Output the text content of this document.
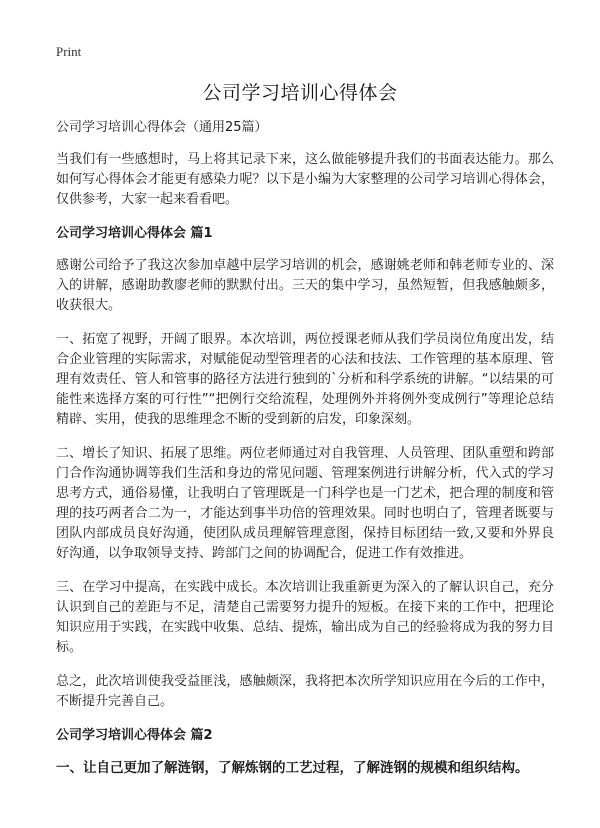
Print
公司学习培训心得体会
公司学习培训心得体会（通用25篇）

当我们有一些感想时，马上将其记录下来，这么做能够提升我们的书面表达能力。那么如何写心得体会才能更有感染力呢？以下是小编为大家整理的公司学习培训心得体会，仅供参考，大家一起来看看吧。

公司学习培训心得体会 篇1

感谢公司给予了我这次参加卓越中层学习培训的机会，感谢姚老师和韩老师专业的、深入的讲解，感谢助教廖老师的默默付出。三天的集中学习，虽然短暂，但我感触颇多，收获很大。

一、拓宽了视野，开阔了眼界。本次培训，两位授课老师从我们学员岗位角度出发，结合企业管理的实际需求，对赋能促动型管理者的心法和技法、工作管理的基本原理、管理有效责任、管人和管事的路径方法进行独到的`分析和科学系统的讲解。“以结果的可能性来选择方案的可行性”“把例行交给流程，处理例外并将例外变成例行”等理论总结精辟、实用，使我的思维理念不断的受到新的启发，印象深刻。

二、增长了知识、拓展了思维。两位老师通过对自我管理、人员管理、团队重塑和跨部门合作沟通协调等我们生活和身边的常见问题、管理案例进行讲解分析，代入式的学习思考方式，通俗易懂，让我明白了管理既是一门科学也是一门艺术，把合理的制度和管理的技巧两者合二为一，才能达到事半功倍的管理效果。同时也明白了，管理者既要与团队内部成员良好沟通，使团队成员理解管理意图，保持目标团结一致,又要和外界良好沟通，以争取领导支持、跨部门之间的协调配合，促进工作有效推进。

三、在学习中提高，在实践中成长。本次培训让我重新更为深入的了解认识自己，充分认识到自己的差距与不足，清楚自己需要努力提升的短板。在接下来的工作中，把理论知识应用于实践，在实践中收集、总结、提炼，输出成为自己的经验将成为我的努力目标。

总之，此次培训使我受益匪浅，感触颇深，我将把本次所学知识应用在今后的工作中，不断提升完善自己。

公司学习培训心得体会 篇2
一、让自己更加了解涟钢，了解炼钢的工艺过程，了解涟钢的规模和组织结构。
